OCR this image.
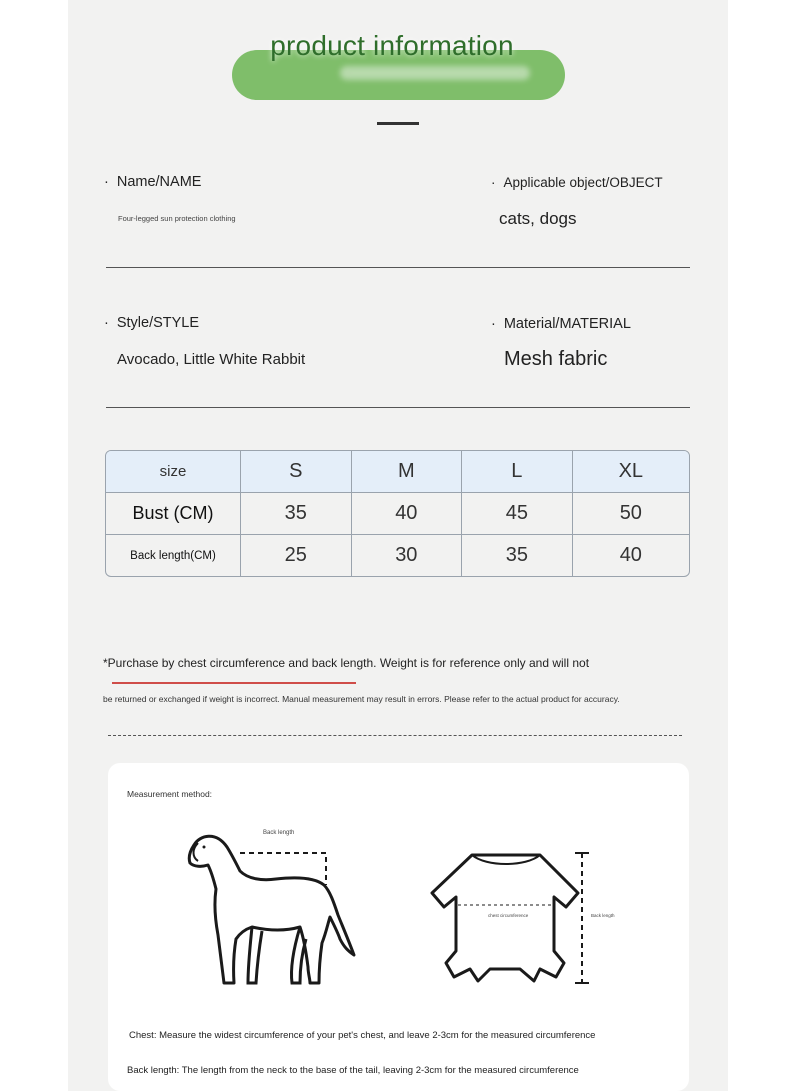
product information
· Name/NAME
Four-legged sun protection clothing
· Applicable object/OBJECT
cats, dogs
· Style/STYLE
Avocado, Little White Rabbit
· Material/MATERIAL
Mesh fabric
size	S	M	L	XL
Bust (CM)	35	40	45	50
Back length(CM)	25	30	35	40
*Purchase by chest circumference and back length. Weight is for reference only and will not
be returned or exchanged if weight is incorrect. Manual measurement may result in errors. Please refer to the actual product for accuracy.
Measurement method:
Back length
chest circumference	Back length
Chest: Measure the widest circumference of your pet's chest, and leave 2-3cm for the measured circumference
Back length: The length from the neck to the base of the tail, leaving 2-3cm for the measured circumference
